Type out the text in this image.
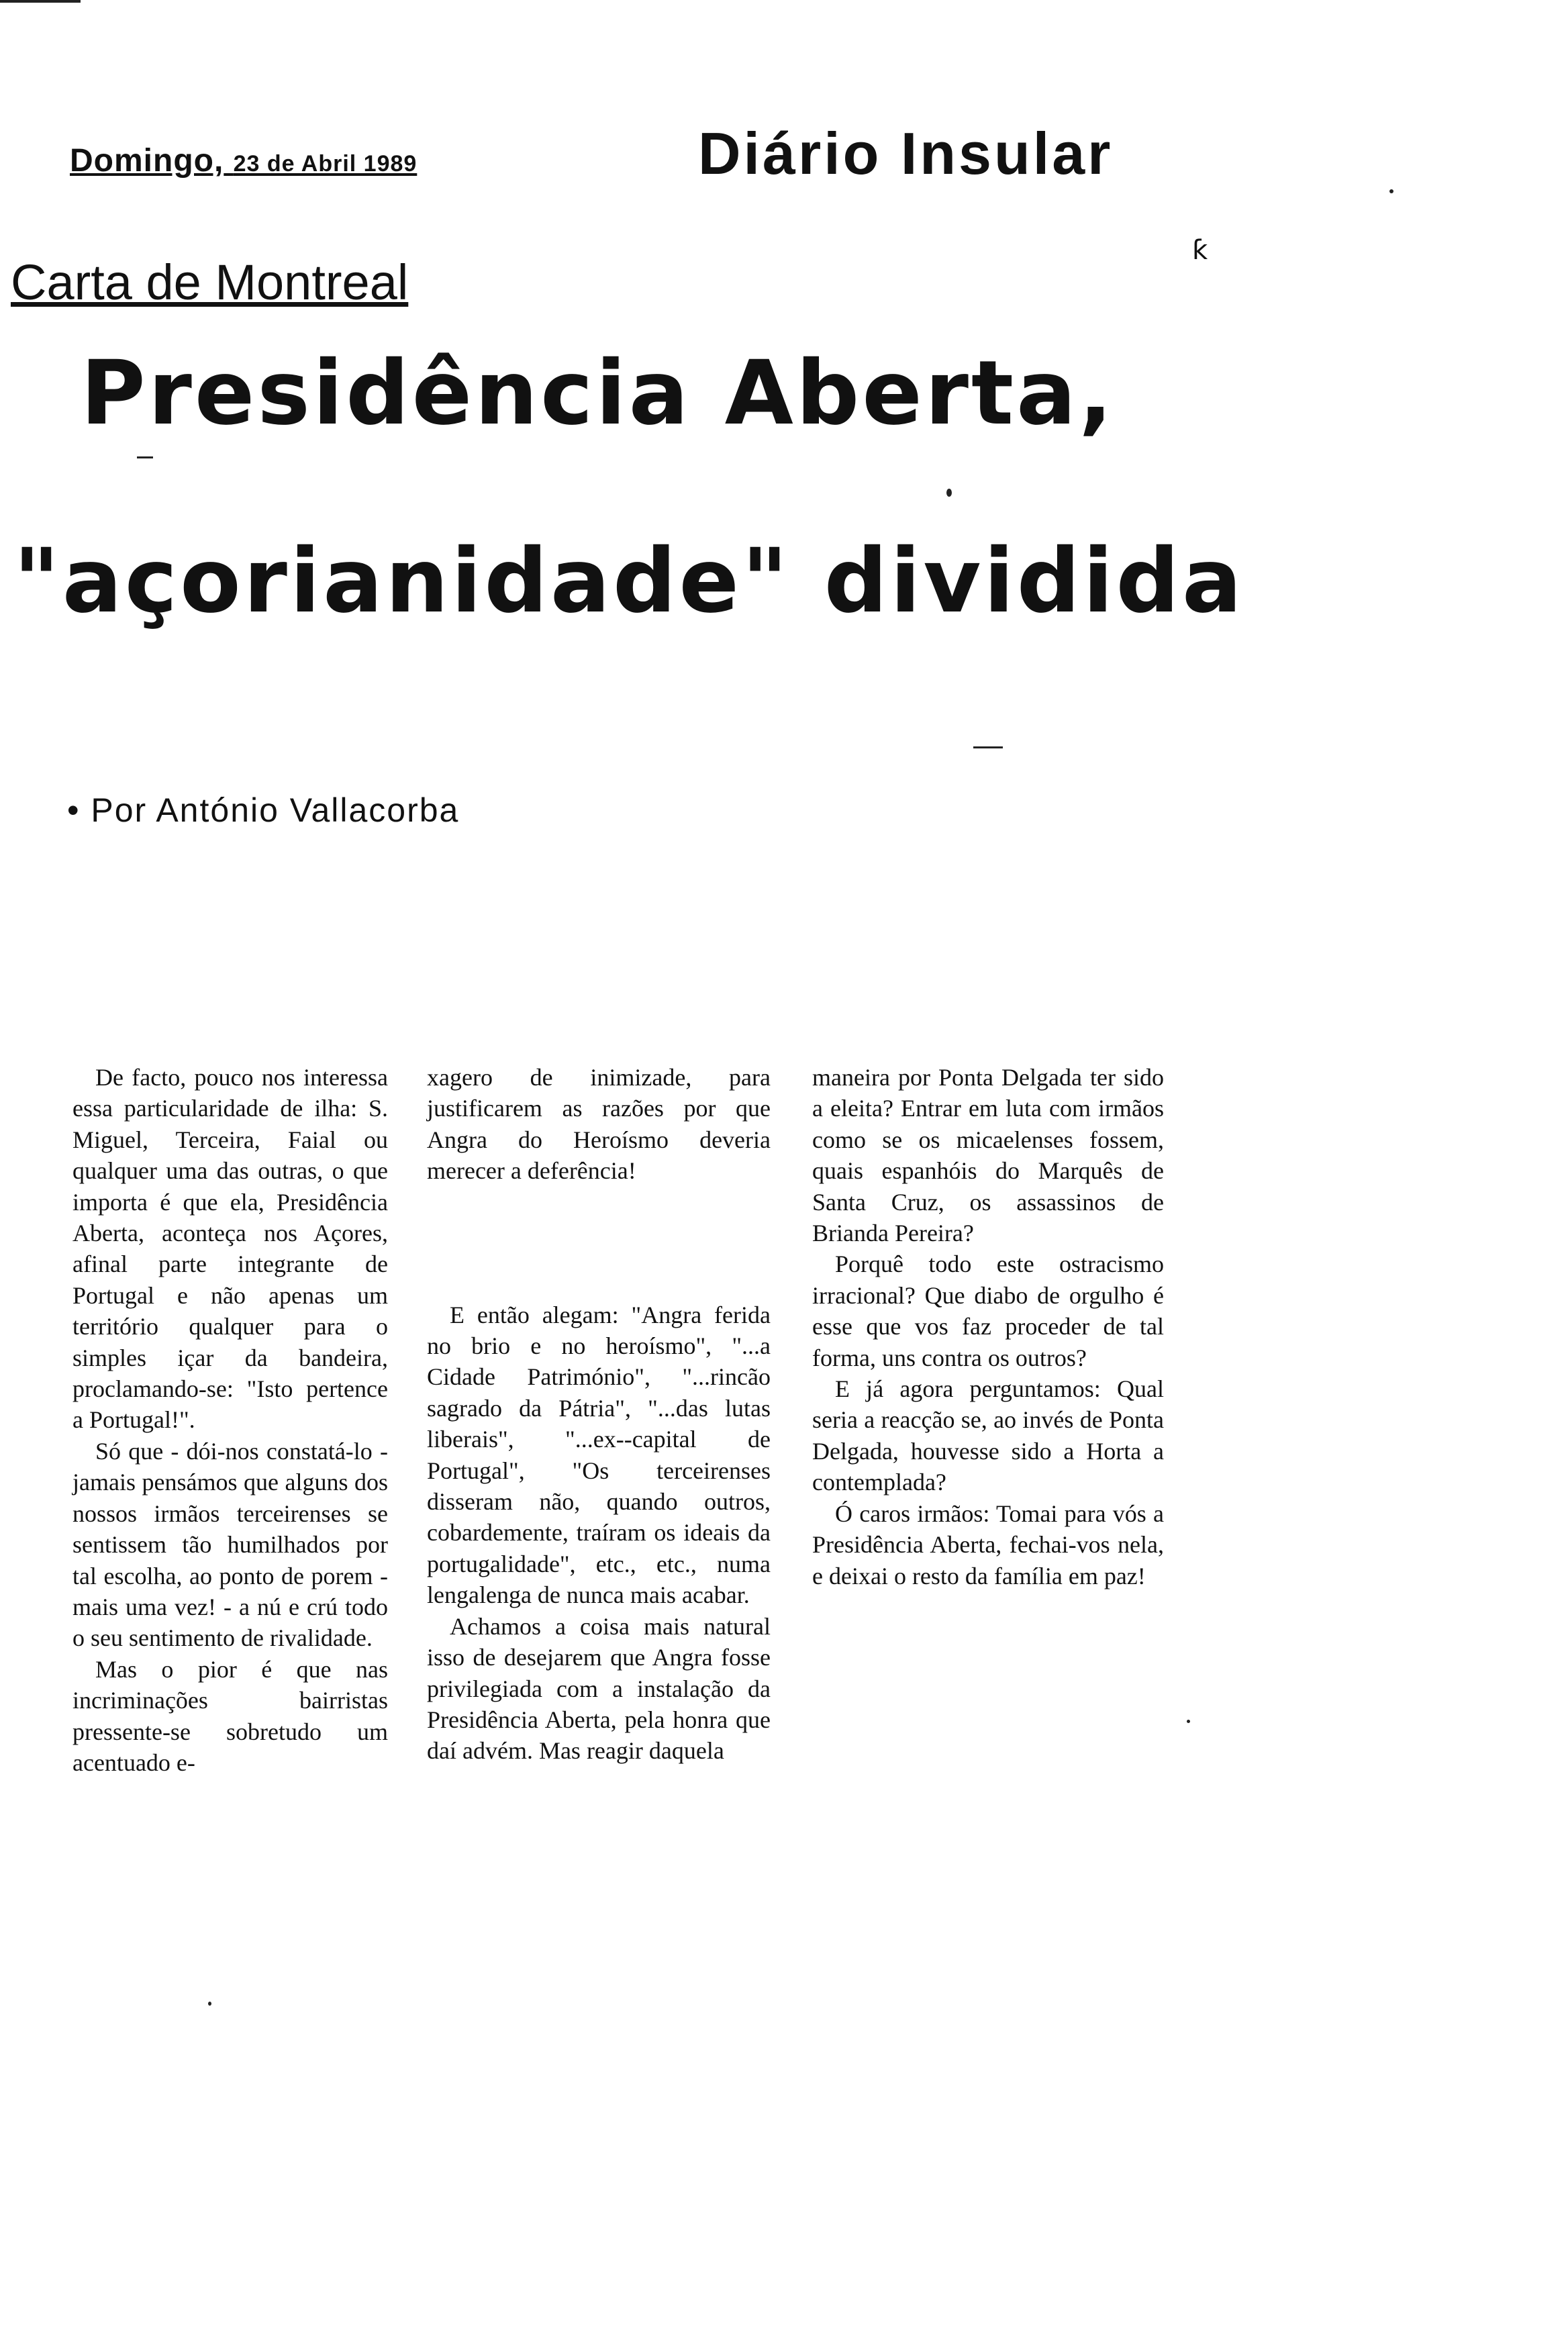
Domingo, 23 de Abril 1989	Diário Insular
ƙ
Carta de Montreal
Presidência Aberta,
"açorianidade" dividida
• Por António Vallacorba

De facto, pouco nos interessa essa particularidade de ilha: S. Miguel, Terceira, Faial ou qualquer uma das outras, o que importa é que ela, Presidência Aberta, aconteça nos Açores, afinal parte integrante de Portugal e não apenas um território qualquer para o simples içar da bandeira, proclamando-se: "Isto pertence a Portugal!".

Só que - dói-nos constatá-lo - jamais pensámos que alguns dos nossos irmãos terceirenses se sentissem tão humilhados por tal escolha, ao ponto de porem - mais uma vez! - a nú e crú todo o seu sentimento de rivalidade.

Mas o pior é que nas incriminações bairristas pressente-se sobretudo um acentuado e-

xagero de inimizade, para justificarem as razões por que Angra do Heroísmo deveria merecer a deferência!

E então alegam: "Angra ferida no brio e no heroísmo", "...a Cidade Património", "...rincão sagrado da Pátria", "...das lutas liberais", "...ex--capital de Portugal", "Os terceirenses disseram não, quando outros, cobardemente, traíram os ideais da portugalidade", etc., etc., numa lengalenga de nunca mais acabar.

Achamos a coisa mais natural isso de desejarem que Angra fosse privilegiada com a instalação da Presidência Aberta, pela honra que daí advém. Mas reagir daquela

maneira por Ponta Delgada ter sido a eleita? Entrar em luta com irmãos como se os micaelenses fossem, quais espanhóis do Marquês de Santa Cruz, os assassinos de Brianda Pereira?

Porquê todo este ostracismo irracional? Que diabo de orgulho é esse que vos faz proceder de tal forma, uns contra os outros?

E já agora perguntamos: Qual seria a reacção se, ao invés de Ponta Delgada, houvesse sido a Horta a contemplada?

Ó caros irmãos: Tomai para vós a Presidência Aberta, fechai-vos nela, e deixai o resto da família em paz!
